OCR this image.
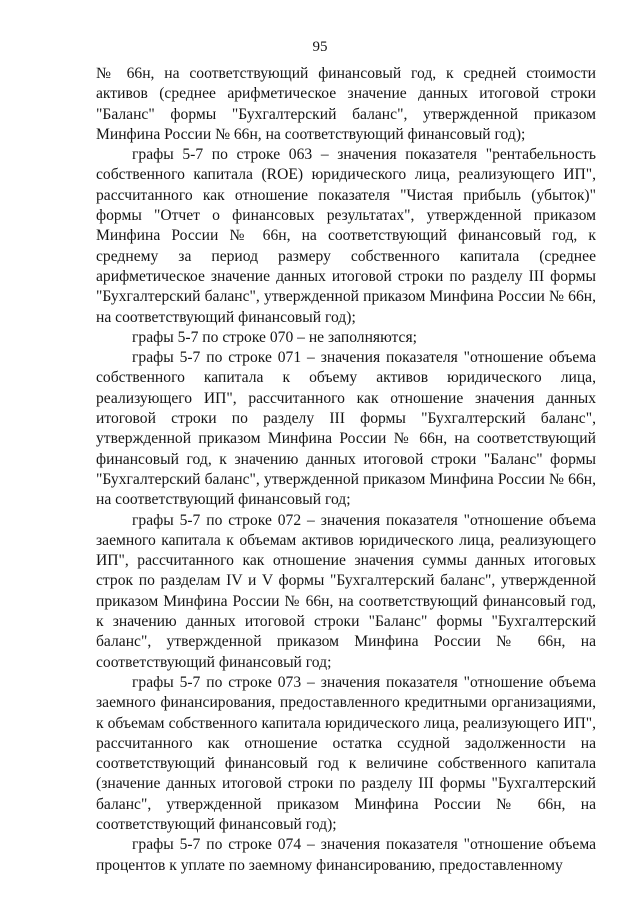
95

№ 66н, на соответствующий финансовый год, к средней стоимости активов (среднее арифметическое значение данных итоговой строки "Баланс" формы "Бухгалтерский баланс", утвержденной приказом Минфина России № 66н, на соответствующий финансовый год);

графы 5-7 по строке 063 – значения показателя "рентабельность собственного капитала (ROE) юридического лица, реализующего ИП", рассчитанного как отношение показателя "Чистая прибыль (убыток)" формы "Отчет о финансовых результатах", утвержденной приказом Минфина России № 66н, на соответствующий финансовый год, к среднему за период размеру собственного капитала (среднее арифметическое значение данных итоговой строки по разделу III формы "Бухгалтерский баланс", утвержденной приказом Минфина России № 66н, на соответствующий финансовый год);

графы 5-7 по строке 070 – не заполняются;

графы 5-7 по строке 071 – значения показателя "отношение объема собственного капитала к объему активов юридического лица, реализующего ИП", рассчитанного как отношение значения данных итоговой строки по разделу III формы "Бухгалтерский баланс", утвержденной приказом Минфина России № 66н, на соответствующий финансовый год, к значению данных итоговой строки "Баланс" формы "Бухгалтерский баланс", утвержденной приказом Минфина России № 66н, на соответствующий финансовый год;

графы 5-7 по строке 072 – значения показателя "отношение объема заемного капитала к объемам активов юридического лица, реализующего ИП", рассчитанного как отношение значения суммы данных итоговых строк по разделам IV и V формы "Бухгалтерский баланс", утвержденной приказом Минфина России № 66н, на соответствующий финансовый год, к значению данных итоговой строки "Баланс" формы "Бухгалтерский баланс", утвержденной приказом Минфина России № 66н, на соответствующий финансовый год;

графы 5-7 по строке 073 – значения показателя "отношение объема заемного финансирования, предоставленного кредитными организациями, к объемам собственного капитала юридического лица, реализующего ИП", рассчитанного как отношение остатка ссудной задолженности на соответствующий финансовый год к величине собственного капитала (значение данных итоговой строки по разделу III формы "Бухгалтерский баланс", утвержденной приказом Минфина России № 66н, на соответствующий финансовый год);

графы 5-7 по строке 074 – значения показателя "отношение объема процентов к уплате по заемному финансированию, предоставленному
